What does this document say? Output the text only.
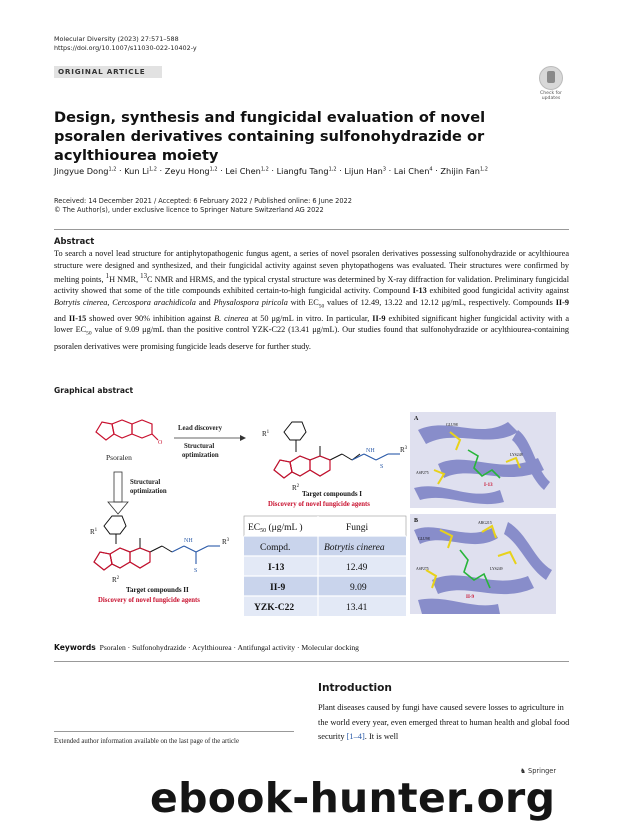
Molecular Diversity (2023) 27:571–588
https://doi.org/10.1007/s11030-022-10402-y
ORIGINAL ARTICLE
Check for updates
Design, synthesis and fungicidal evaluation of novel psoralen derivatives containing sulfonohydrazide or acylthiourea moiety
Jingyue Dong$^{1,2}$ · Kun Li$^{1,2}$ · Zeyu Hong$^{1,2}$ · Lei Chen$^{1,2}$ · Liangfu Tang$^{1,2}$ · Lijun Han$^3$ · Lai Chen$^4$ · Zhijin Fan$^{1,2}$
Received: 14 December 2021 / Accepted: 6 February 2022 / Published online: 6 June 2022
© The Author(s), under exclusive licence to Springer Nature Switzerland AG 2022
Abstract
To search a novel lead structure for antiphytopathogenic fungus agent, a series of novel psoralen derivatives possessing sulfonohydrazide or acylthiourea structure were designed and synthesized, and their fungicidal activity against seven phytopathogens was evaluated. Their structures were confirmed by melting points, $^1$H NMR, $^{13}$C NMR and HRMS, and the typical crystal structure was determined by X-ray diffraction for validation. Preliminary fungicidal activity showed that some of the title compounds exhibited certain-to-high fungicidal activity. Compound I-13 exhibited good fungicidal activity against Botrytis cinerea, Cercospora arachidicola and Physalospora piricola with $EC_{50}$ values of 12.49, 13.22 and 12.12 μg/mL, respectively. Compounds II-9 and II-15 showed over 90% inhibition against B. cinerea at 50 μg/mL in vitro. In particular, II-9 exhibited significant higher fungicidal activity with a lower $EC_{50}$ value of 9.09 μg/mL than the positive control YZK-C22 (13.41 μg/mL). Our studies found that sulfonohydrazide or acylthiourea-containing psoralen derivatives were promising fungicide leads deserve for further study.
Graphical abstract
O
Psoralen
Lead discovery
Structural
optimization
Structural
optimization
$R^1$
$R^2$
$R^3$
NH
S
Target compounds I
Discovery of novel fungicide agents
A
GLU98
ASP275
LYS248
I-13
$R^1$
$R^2$
$R^3$
NH
S
Target compounds II
Discovery of novel fungicide agents
$EC_{50}$ (μg/mL )	Fungi
Compd.	Botrytis cinerea
I-13	12.49
II-9	9.09
YZK-C22	13.41
B
GLU98
ARG215
LYS249
ASP275
II-9
Keywords Psoralen · Sulfonohydrazide · Acylthiourea · Antifungal activity · Molecular docking
Introduction
Plant diseases caused by fungi have caused severe losses to agriculture in the world every year, even emerged threat to human health and global food security [1–4]. It is well
Extended author information available on the last page of the article
♞ Springer
ebook-hunter.org
